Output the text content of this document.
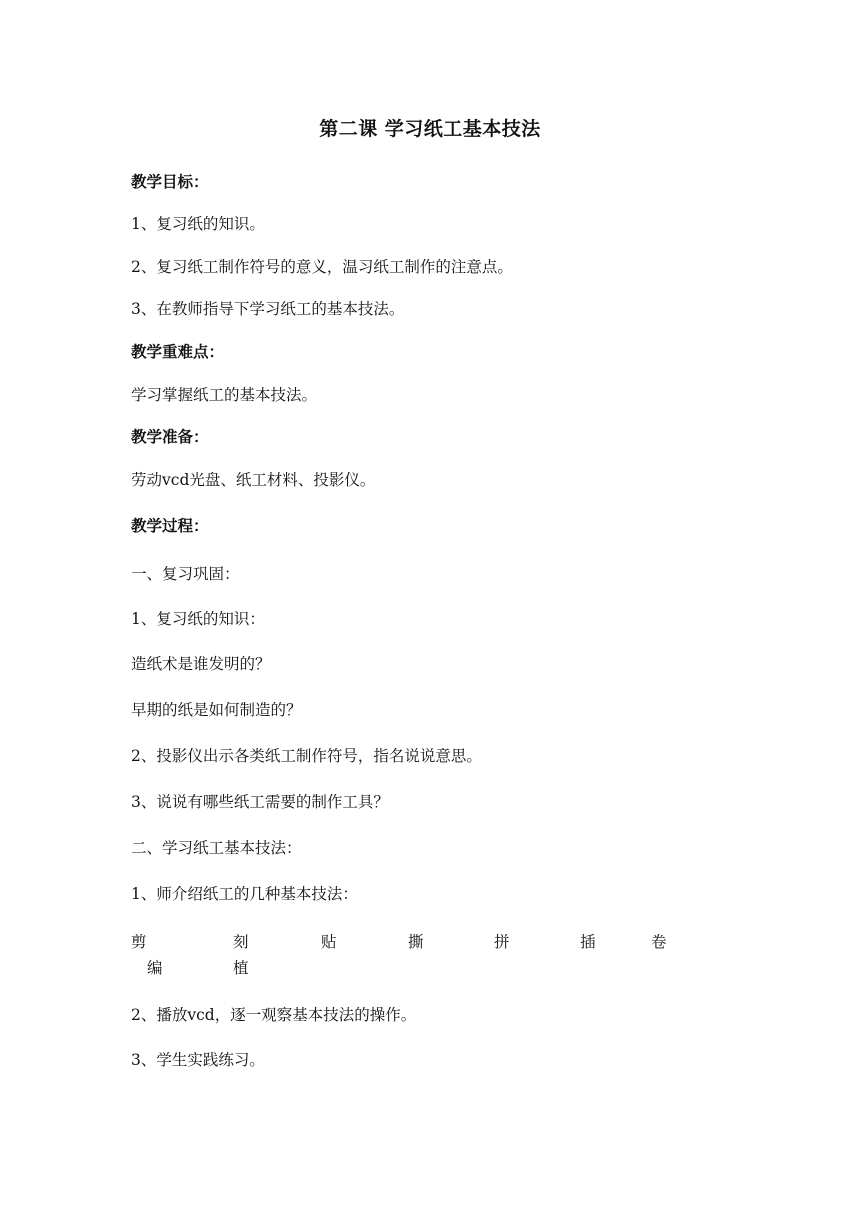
第二课 学习纸工基本技法
教学目标：
1、复习纸的知识。
2、复习纸工制作符号的意义，温习纸工制作的注意点。
3、在教师指导下学习纸工的基本技法。
教学重难点：
学习掌握纸工的基本技法。
教学准备：
劳动vcd光盘、纸工材料、投影仪。
教学过程：
一、复习巩固：
1、复习纸的知识：
造纸术是谁发明的？
早期的纸是如何制造的？
2、投影仪出示各类纸工制作符号，指名说说意思。
3、说说有哪些纸工需要的制作工具？
二、学习纸工基本技法：
1、师介绍纸工的几种基本技法：
剪	刻	贴	撕	拼	插	卷
编	植
2、播放vcd，逐一观察基本技法的操作。
3、学生实践练习。
